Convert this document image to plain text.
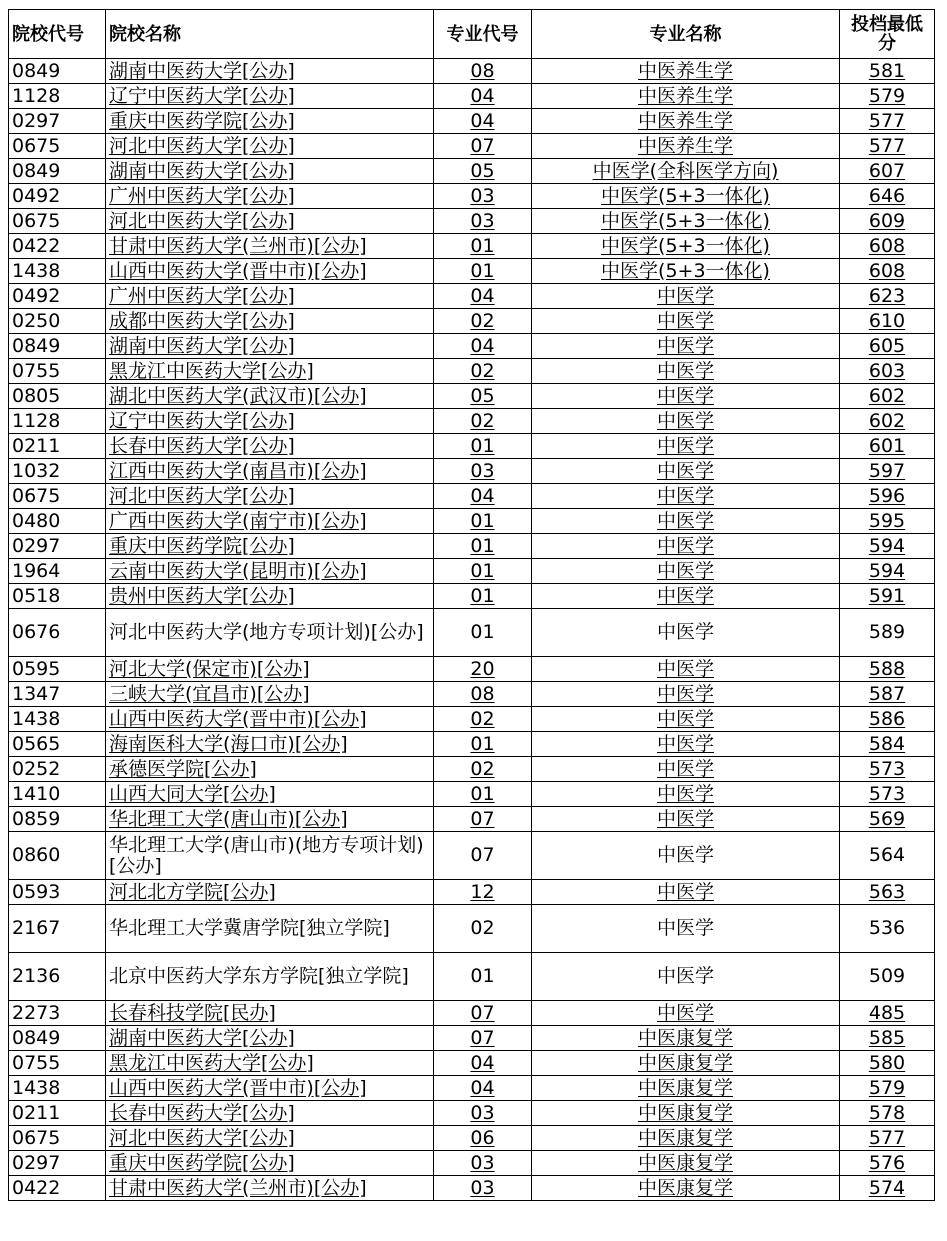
院校代号	院校名称	专业代号	专业名称	投档最低分
0849	湖南中医药大学[公办]	08	中医养生学	581
1128	辽宁中医药大学[公办]	04	中医养生学	579
0297	重庆中医药学院[公办]	04	中医养生学	577
0675	河北中医药大学[公办]	07	中医养生学	577
0849	湖南中医药大学[公办]	05	中医学(全科医学方向)	607
0492	广州中医药大学[公办]	03	中医学(5+3一体化)	646
0675	河北中医药大学[公办]	03	中医学(5+3一体化)	609
0422	甘肃中医药大学(兰州市)[公办]	01	中医学(5+3一体化)	608
1438	山西中医药大学(晋中市)[公办]	01	中医学(5+3一体化)	608
0492	广州中医药大学[公办]	04	中医学	623
0250	成都中医药大学[公办]	02	中医学	610
0849	湖南中医药大学[公办]	04	中医学	605
0755	黑龙江中医药大学[公办]	02	中医学	603
0805	湖北中医药大学(武汉市)[公办]	05	中医学	602
1128	辽宁中医药大学[公办]	02	中医学	602
0211	长春中医药大学[公办]	01	中医学	601
1032	江西中医药大学(南昌市)[公办]	03	中医学	597
0675	河北中医药大学[公办]	04	中医学	596
0480	广西中医药大学(南宁市)[公办]	01	中医学	595
0297	重庆中医药学院[公办]	01	中医学	594
1964	云南中医药大学(昆明市)[公办]	01	中医学	594
0518	贵州中医药大学[公办]	01	中医学	591
0676	河北中医药大学(地方专项计划)[公办]	01	中医学	589
0595	河北大学(保定市)[公办]	20	中医学	588
1347	三峡大学(宜昌市)[公办]	08	中医学	587
1438	山西中医药大学(晋中市)[公办]	02	中医学	586
0565	海南医科大学(海口市)[公办]	01	中医学	584
0252	承德医学院[公办]	02	中医学	573
1410	山西大同大学[公办]	01	中医学	573
0859	华北理工大学(唐山市)[公办]	07	中医学	569
0860	华北理工大学(唐山市)(地方专项计划)[公办]	07	中医学	564
0593	河北北方学院[公办]	12	中医学	563
2167	华北理工大学冀唐学院[独立学院]	02	中医学	536
2136	北京中医药大学东方学院[独立学院]	01	中医学	509
2273	长春科技学院[民办]	07	中医学	485
0849	湖南中医药大学[公办]	07	中医康复学	585
0755	黑龙江中医药大学[公办]	04	中医康复学	580
1438	山西中医药大学(晋中市)[公办]	04	中医康复学	579
0211	长春中医药大学[公办]	03	中医康复学	578
0675	河北中医药大学[公办]	06	中医康复学	577
0297	重庆中医药学院[公办]	03	中医康复学	576
0422	甘肃中医药大学(兰州市)[公办]	03	中医康复学	574
